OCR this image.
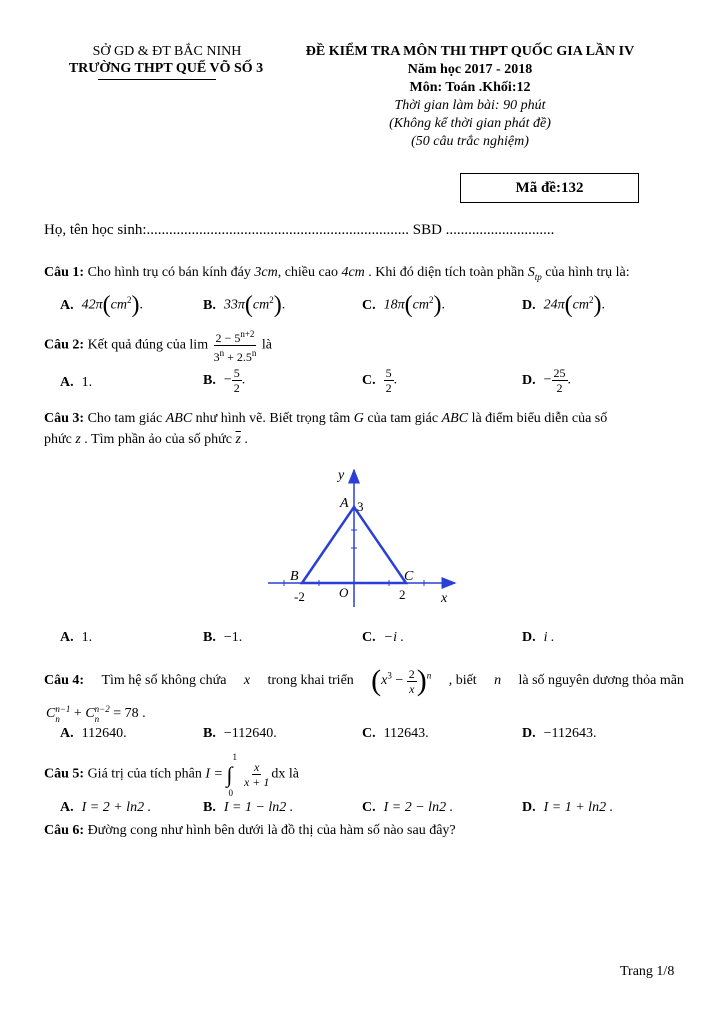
SỞ GD & ĐT BẮC NINH
TRƯỜNG THPT QUẾ VÕ SỐ 3
ĐỀ KIỂM TRA MÔN THI THPT QUỐC GIA LẦN IV
Năm học 2017 - 2018
Môn: Toán .Khối:12
Thời gian làm bài: 90 phút
(Không kể thời gian phát đề)
(50 câu trắc nghiệm)
Mã đề:132
Họ, tên học sinh:...................................................................... SBD .............................
Câu 1: Cho hình trụ có bán kính đáy 3cm, chiều cao 4cm . Khi đó diện tích toàn phần $S_{tp}$ của hình trụ là:
A. $42\pi(cm^2)$.	B. $33\pi(cm^2)$.	C. $18\pi(cm^2)$.	D. $24\pi(cm^2)$.
Câu 2: Kết quả đúng của $\lim \frac{2 - 5^{n+2}}{3^n + 2.5^n}$ là
A. 1.	B. − $\frac{5}{2}$ .	C. $\frac{5}{2}$ .	D. − $\frac{25}{2}$ .
Câu 3: Cho tam giác ABC như hình vẽ. Biết trọng tâm G của tam giác ABC là điểm biểu diễn của số
phức z . Tìm phần ảo của số phức $\overline{z}$ .
y
x
O
A 3
B
-2
C
2
A. 1.	B. −1.	C. −i .	D. i .
Câu 4: Tìm hệ số không chứa x trong khai triển $(x^3 - \frac{2}{x} )^n$ , biết n là số nguyên dương thỏa mãn
C n−1
n	+ C n−2
n	= 78 .
A. 112640.	B. −112640.	C. 112643.	D. −112643.
Câu 5: Giá trị của tích phân I = ∫
1
0

$\frac{x}{x + 1}$ dx là
A. I = 2 + ln2 .	B. I = 1 − ln2 .	C. I = 2 − ln2 .	D. I = 1 + ln2 .
Câu 6: Đường cong như hình bên dưới là đồ thị của hàm số nào sau đây?
Trang 1/8
